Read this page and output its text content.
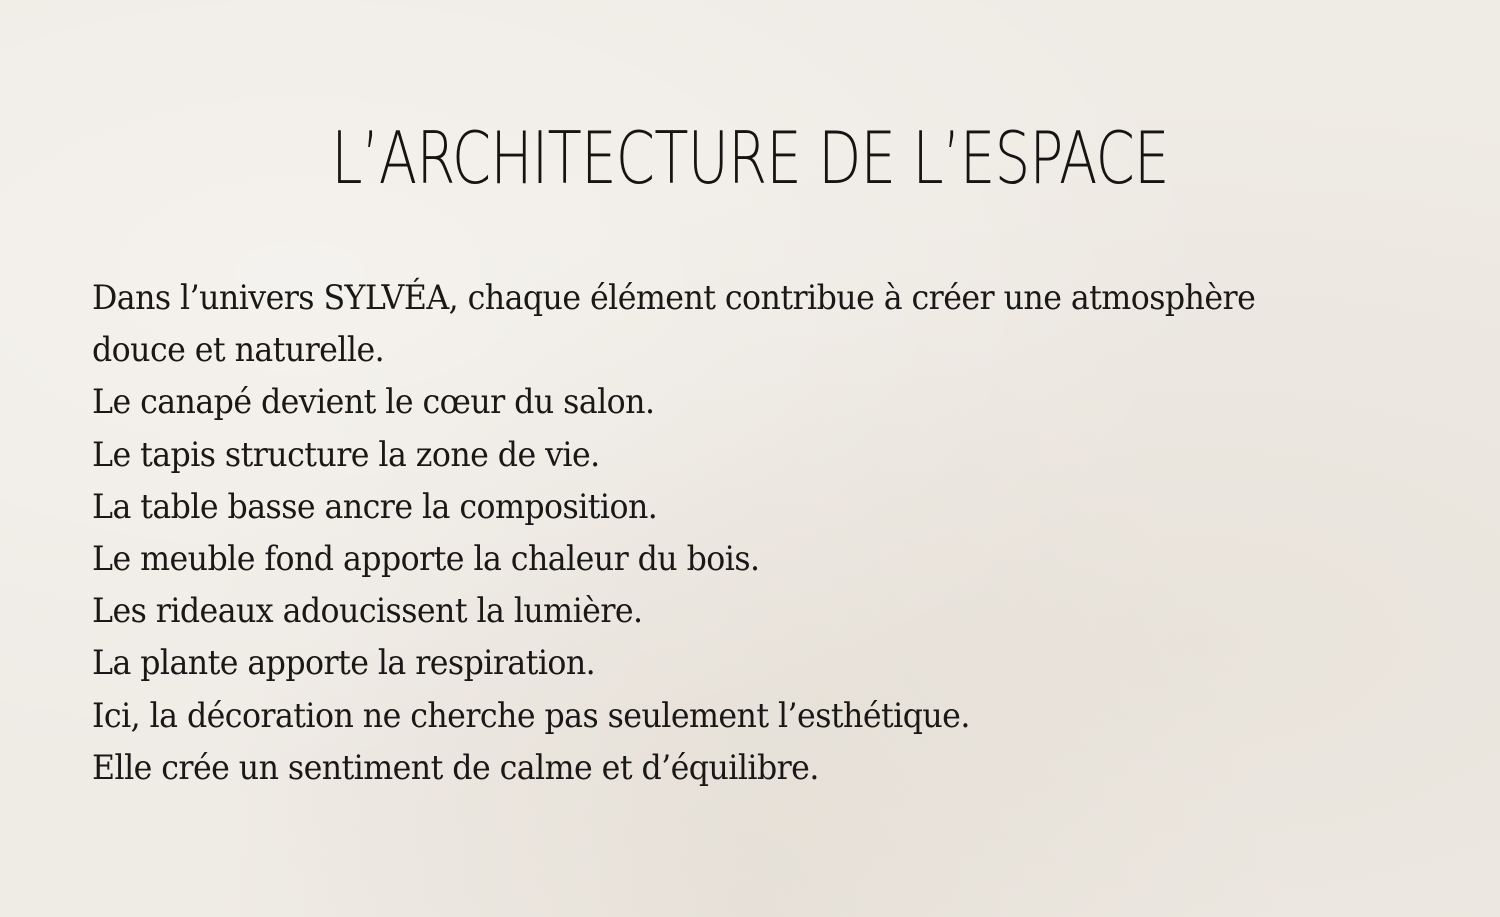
L’ARCHITECTURE DE L’ESPACE

Dans l’univers SYLVÉA, chaque élément contribue à créer une atmosphère
douce et naturelle.
Le canapé devient le cœur du salon.
Le tapis structure la zone de vie.
La table basse ancre la composition.
Le meuble fond apporte la chaleur du bois.
Les rideaux adoucissent la lumière.
La plante apporte la respiration.
Ici, la décoration ne cherche pas seulement l’esthétique.
Elle crée un sentiment de calme et d’équilibre.
